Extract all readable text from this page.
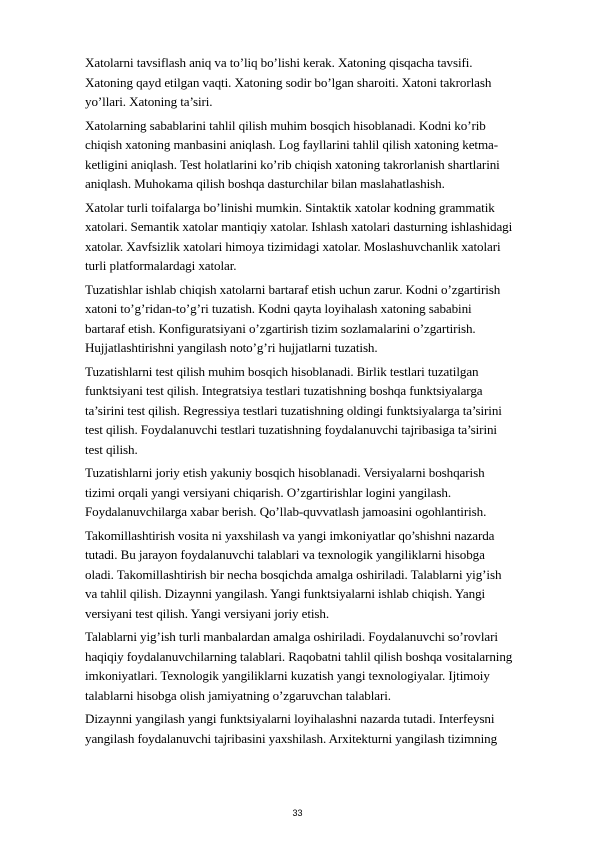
Xatolarni tavsiflash aniq va to’liq bo’lishi kerak. Xatoning qisqacha tavsifi.
Xatoning qayd etilgan vaqti. Xatoning sodir bo’lgan sharoiti. Xatoni takrorlash
yo’llari. Xatoning ta’siri.

Xatolarning sabablarini tahlil qilish muhim bosqich hisoblanadi. Kodni ko’rib
chiqish xatoning manbasini aniqlash. Log fayllarini tahlil qilish xatoning ketma-
ketligini aniqlash. Test holatlarini ko’rib chiqish xatoning takrorlanish shartlarini
aniqlash. Muhokama qilish boshqa dasturchilar bilan maslahatlashish.

Xatolar turli toifalarga bo’linishi mumkin. Sintaktik xatolar kodning grammatik
xatolari. Semantik xatolar mantiqiy xatolar. Ishlash xatolari dasturning ishlashidagi
xatolar. Xavfsizlik xatolari himoya tizimidagi xatolar. Moslashuvchanlik xatolari
turli platformalardagi xatolar.

Tuzatishlar ishlab chiqish xatolarni bartaraf etish uchun zarur. Kodni o’zgartirish
xatoni to’g’ridan-to’g’ri tuzatish. Kodni qayta loyihalash xatoning sababini
bartaraf etish. Konfiguratsiyani o’zgartirish tizim sozlamalarini o’zgartirish.
Hujjatlashtirishni yangilash noto’g’ri hujjatlarni tuzatish.

Tuzatishlarni test qilish muhim bosqich hisoblanadi. Birlik testlari tuzatilgan
funktsiyani test qilish. Integratsiya testlari tuzatishning boshqa funktsiyalarga
ta’sirini test qilish. Regressiya testlari tuzatishning oldingi funktsiyalarga ta’sirini
test qilish. Foydalanuvchi testlari tuzatishning foydalanuvchi tajribasiga ta’sirini
test qilish.

Tuzatishlarni joriy etish yakuniy bosqich hisoblanadi. Versiyalarni boshqarish
tizimi orqali yangi versiyani chiqarish. O’zgartirishlar logini yangilash.
Foydalanuvchilarga xabar berish. Qo’llab-quvvatlash jamoasini ogohlantirish.

Takomillashtirish vosita ni yaxshilash va yangi imkoniyatlar qo’shishni nazarda
tutadi. Bu jarayon foydalanuvchi talablari va texnologik yangiliklarni hisobga
oladi. Takomillashtirish bir necha bosqichda amalga oshiriladi. Talablarni yig’ish
va tahlil qilish. Dizaynni yangilash. Yangi funktsiyalarni ishlab chiqish. Yangi
versiyani test qilish. Yangi versiyani joriy etish.

Talablarni yig’ish turli manbalardan amalga oshiriladi. Foydalanuvchi so’rovlari
haqiqiy foydalanuvchilarning talablari. Raqobatni tahlil qilish boshqa vositalarning
imkoniyatlari. Texnologik yangiliklarni kuzatish yangi texnologiyalar. Ijtimoiy
talablarni hisobga olish jamiyatning o’zgaruvchan talablari.

Dizaynni yangilash yangi funktsiyalarni loyihalashni nazarda tutadi. Interfeysni
yangilash foydalanuvchi tajribasini yaxshilash. Arxitekturni yangilash tizimning

33
